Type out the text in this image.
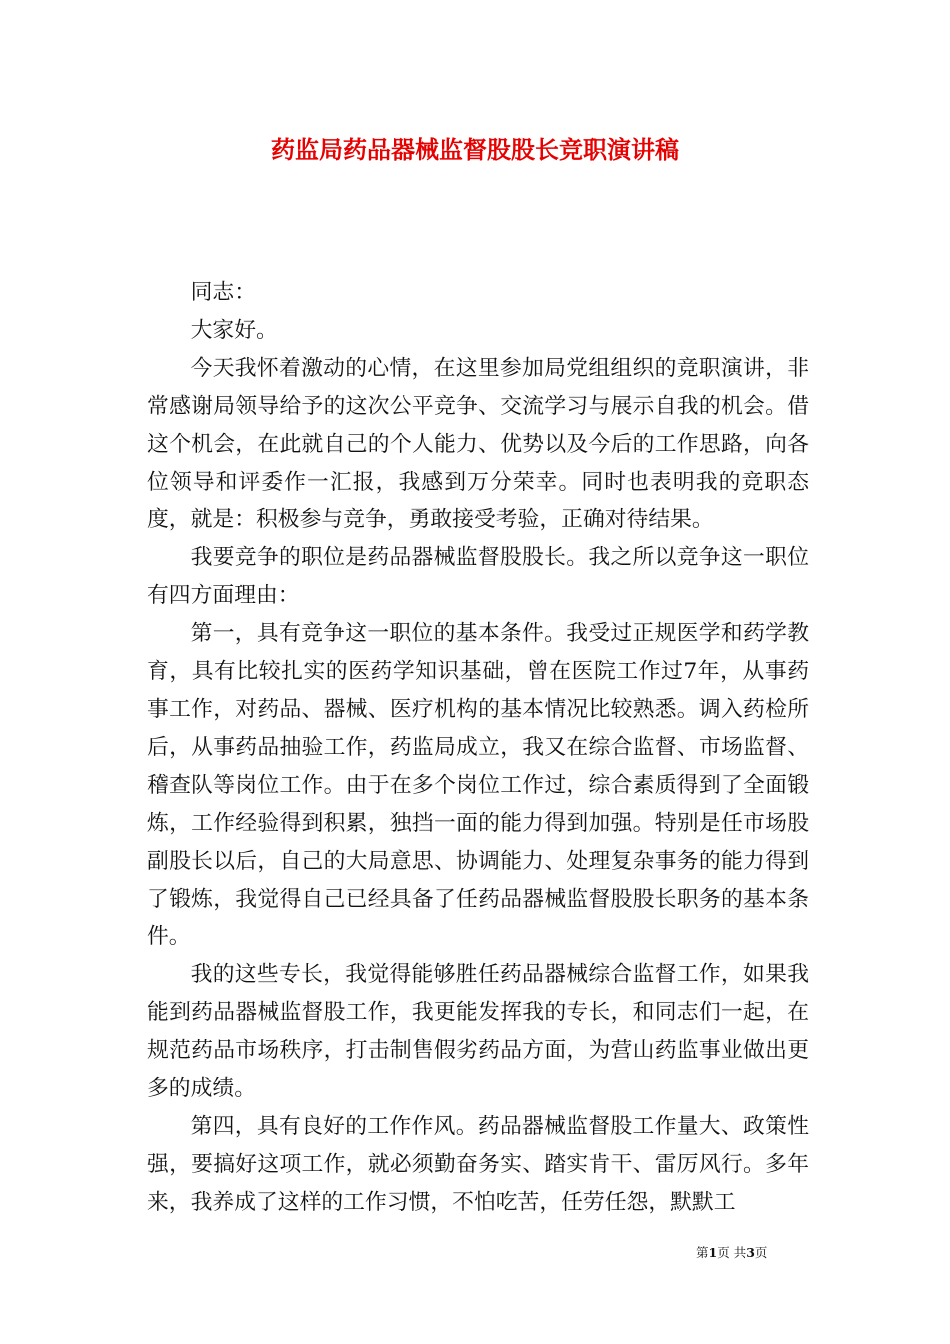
药监局药品器械监督股股长竞职演讲稿

同志：

大家好。

今天我怀着激动的心情，在这里参加局党组组织的竞职演讲，非常感谢局领导给予的这次公平竞争、交流学习与展示自我的机会。借这个机会，在此就自己的个人能力、优势以及今后的工作思路，向各位领导和评委作一汇报，我感到万分荣幸。同时也表明我的竞职态度，就是：积极参与竞争，勇敢接受考验，正确对待结果。

我要竞争的职位是药品器械监督股股长。我之所以竞争这一职位有四方面理由：

第一，具有竞争这一职位的基本条件。我受过正规医学和药学教育，具有比较扎实的医药学知识基础，曾在医院工作过7年，从事药事工作，对药品、器械、医疗机构的基本情况比较熟悉。调入药检所后，从事药品抽验工作，药监局成立，我又在综合监督、市场监督、稽查队等岗位工作。由于在多个岗位工作过，综合素质得到了全面锻炼，工作经验得到积累，独挡一面的能力得到加强。特别是任市场股副股长以后，自己的大局意思、协调能力、处理复杂事务的能力得到了锻炼，我觉得自己已经具备了任药品器械监督股股长职务的基本条件。

我的这些专长，我觉得能够胜任药品器械综合监督工作，如果我能到药品器械监督股工作，我更能发挥我的专长，和同志们一起，在规范药品市场秩序，打击制售假劣药品方面，为营山药监事业做出更多的成绩。

第四，具有良好的工作作风。药品器械监督股工作量大、政策性强，要搞好这项工作，就必须勤奋务实、踏实肯干、雷厉风行。多年来，我养成了这样的工作习惯，不怕吃苦，任劳任怨，默默工

第1页 共3页
